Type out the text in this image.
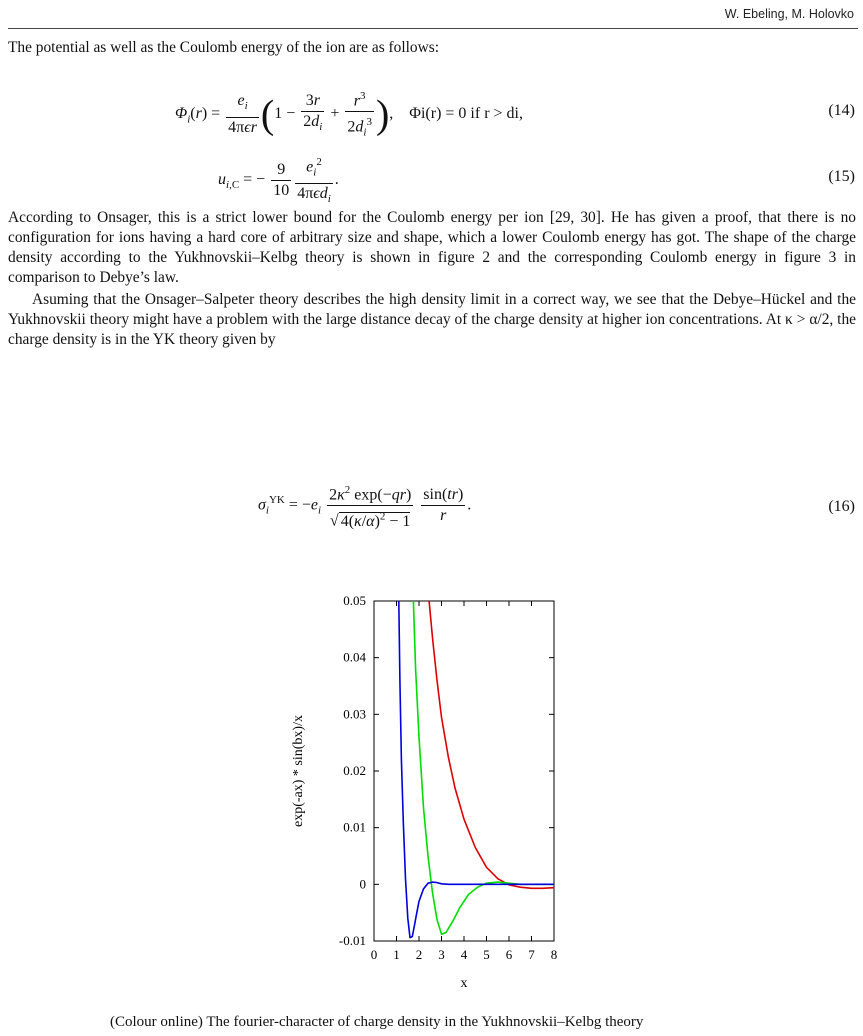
W. Ebeling, M. Holovko

The potential as well as the Coulomb energy of the ion are as follows:

$\Phi_i(r) = \frac{e_i}{\text{4πϵr}} (1 - \frac{3r}{2d_i} + \frac{r^3}{2d_i^3}$ ),    Φi(r) = 0 if r > di,	(14)
$u_{i,C}$ = − $\frac{9}{10} \frac{e_i^2}{4\pi\epsilon d_i}$ .	(15)

According to Onsager, this is a strict lower bound for the Coulomb energy per ion [29, 30]. He has given a proof, that there is no configuration for ions having a hard core of arbitrary size and shape, which a lower Coulomb energy has got. The shape of the charge density according to the Yukhnovskii–Kelbg theory is shown in figure 2 and the corresponding Coulomb energy in figure 3 in comparison to Debye’s law.

Asuming that the Onsager–Salpeter theory describes the high density limit in a correct way, we see that the Debye–Hückel and the Yukhnovskii theory might have a problem with the large distance decay of the charge density at higher ion concentrations. At κ > α/2, the charge density is in the YK theory given by

$\sigma_i^{YK} = -e_i \frac{2\kappa^2 \exp(-qr)}{√ 4(\kappa/\alpha)^2 - 1}$
$\frac{\sin(tr)}{r}$ .	(16)
0 1 2 3 4 5 6 7 8
-0.01
0
0.01
0.02
0.03
0.04
0.05
x
exp(-ax) * sin(bx)/x
(Colour online) The fourier-character of charge density in the Yukhnovskii–Kelbg theory
